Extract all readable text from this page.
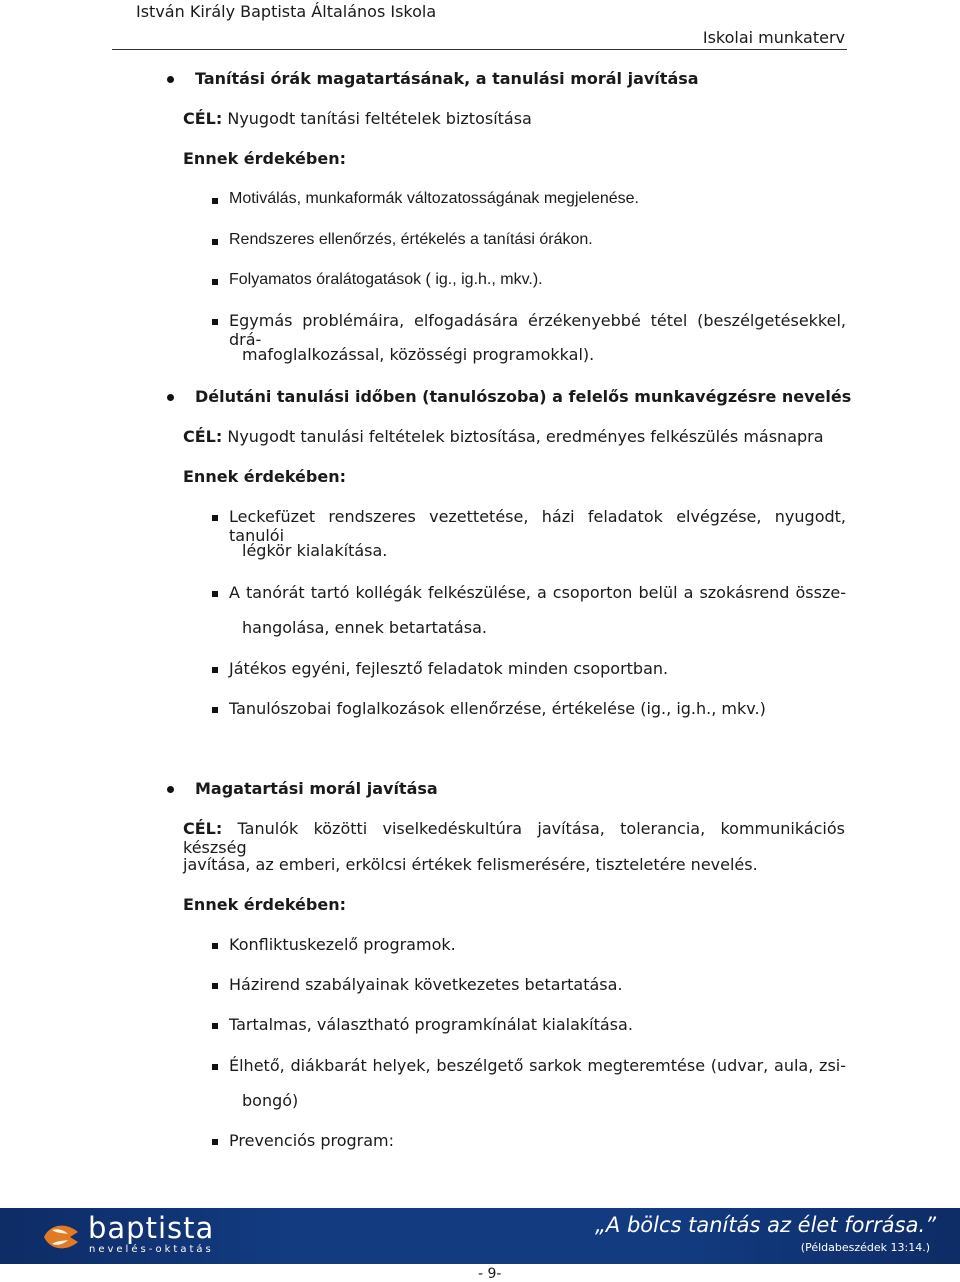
István Király Baptista Általános Iskola
Iskolai munkaterv
Tanítási órák magatartásának, a tanulási morál javítása
CÉL: Nyugodt tanítási feltételek biztosítása
Ennek érdekében:
Motiválás, munkaformák változatosságának megjelenése.
Rendszeres ellenőrzés, értékelés a tanítási órákon.
Folyamatos óralátogatások ( ig., ig.h., mkv.).
Egymás problémáira, elfogadására érzékenyebbé tétel (beszélgetésekkel, drá-
mafoglalkozással, közösségi programokkal).
Délutáni tanulási időben (tanulószoba) a felelős munkavégzésre nevelés
CÉL: Nyugodt tanulási feltételek biztosítása, eredményes felkészülés másnapra
Ennek érdekében:
Leckefüzet rendszeres vezettetése, házi feladatok elvégzése, nyugodt, tanulói
légkör kialakítása.
A tanórát tartó kollégák felkészülése, a csoporton belül a szokásrend össze-
hangolása, ennek betartatása.
Játékos egyéni, fejlesztő feladatok minden csoportban.
Tanulószobai foglalkozások ellenőrzése, értékelése (ig., ig.h., mkv.)
Magatartási morál javítása
CÉL: Tanulók közötti viselkedéskultúra javítása, tolerancia, kommunikációs készség
javítása, az emberi, erkölcsi értékek felismerésére, tiszteletére nevelés.
Ennek érdekében:
Konfliktuskezelő programok.
Házirend szabályainak következetes betartatása.
Tartalmas, választható programkínálat kialakítása.
Élhető, diákbarát helyek, beszélgető sarkok megteremtése (udvar, aula, zsi-
bongó)
Prevenciós program:
baptista
nevelés-oktatás
„A bölcs tanítás az élet forrása.”
(Példabeszédek 13:14.)
- 9-
